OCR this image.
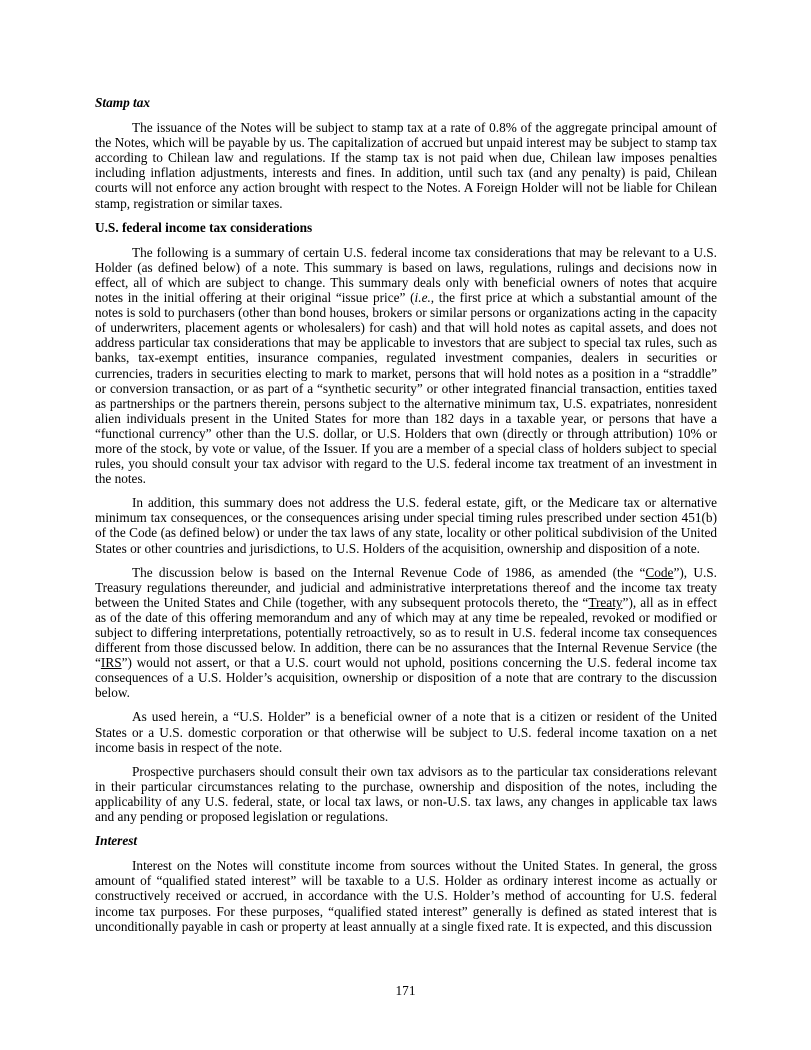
Stamp tax

The issuance of the Notes will be subject to stamp tax at a rate of 0.8% of the aggregate principal amount of the Notes, which will be payable by us. The capitalization of accrued but unpaid interest may be subject to stamp tax according to Chilean law and regulations. If the stamp tax is not paid when due, Chilean law imposes penalties including inflation adjustments, interests and fines. In addition, until such tax (and any penalty) is paid, Chilean courts will not enforce any action brought with respect to the Notes. A Foreign Holder will not be liable for Chilean stamp, registration or similar taxes.

U.S. federal income tax considerations

The following is a summary of certain U.S. federal income tax considerations that may be relevant to a U.S. Holder (as defined below) of a note. This summary is based on laws, regulations, rulings and decisions now in effect, all of which are subject to change. This summary deals only with beneficial owners of notes that acquire notes in the initial offering at their original “issue price” (i.e., the first price at which a substantial amount of the notes is sold to purchasers (other than bond houses, brokers or similar persons or organizations acting in the capacity of underwriters, placement agents or wholesalers) for cash) and that will hold notes as capital assets, and does not address particular tax considerations that may be applicable to investors that are subject to special tax rules, such as banks, tax-exempt entities, insurance companies, regulated investment companies, dealers in securities or currencies, traders in securities electing to mark to market, persons that will hold notes as a position in a “straddle” or conversion transaction, or as part of a “synthetic security” or other integrated financial transaction, entities taxed as partnerships or the partners therein, persons subject to the alternative minimum tax, U.S. expatriates, nonresident alien individuals present in the United States for more than 182 days in a taxable year, or persons that have a “functional currency” other than the U.S. dollar, or U.S. Holders that own (directly or through attribution) 10% or more of the stock, by vote or value, of the Issuer. If you are a member of a special class of holders subject to special rules, you should consult your tax advisor with regard to the U.S. federal income tax treatment of an investment in the notes.

In addition, this summary does not address the U.S. federal estate, gift, or the Medicare tax or alternative minimum tax consequences, or the consequences arising under special timing rules prescribed under section 451(b) of the Code (as defined below) or under the tax laws of any state, locality or other political subdivision of the United States or other countries and jurisdictions, to U.S. Holders of the acquisition, ownership and disposition of a note.

The discussion below is based on the Internal Revenue Code of 1986, as amended (the “Code”), U.S. Treasury regulations thereunder, and judicial and administrative interpretations thereof and the income tax treaty between the United States and Chile (together, with any subsequent protocols thereto, the “Treaty”), all as in effect as of the date of this offering memorandum and any of which may at any time be repealed, revoked or modified or subject to differing interpretations, potentially retroactively, so as to result in U.S. federal income tax consequences different from those discussed below. In addition, there can be no assurances that the Internal Revenue Service (the “IRS”) would not assert, or that a U.S. court would not uphold, positions concerning the U.S. federal income tax consequences of a U.S. Holder’s acquisition, ownership or disposition of a note that are contrary to the discussion below.

As used herein, a “U.S. Holder” is a beneficial owner of a note that is a citizen or resident of the United States or a U.S. domestic corporation or that otherwise will be subject to U.S. federal income taxation on a net income basis in respect of the note.

Prospective purchasers should consult their own tax advisors as to the particular tax considerations relevant in their particular circumstances relating to the purchase, ownership and disposition of the notes, including the applicability of any U.S. federal, state, or local tax laws, or non-U.S. tax laws, any changes in applicable tax laws and any pending or proposed legislation or regulations.

Interest

Interest on the Notes will constitute income from sources without the United States. In general, the gross amount of “qualified stated interest” will be taxable to a U.S. Holder as ordinary interest income as actually or constructively received or accrued, in accordance with the U.S. Holder’s method of accounting for U.S. federal income tax purposes. For these purposes, “qualified stated interest” generally is defined as stated interest that is unconditionally payable in cash or property at least annually at a single fixed rate. It is expected, and this discussion

171
